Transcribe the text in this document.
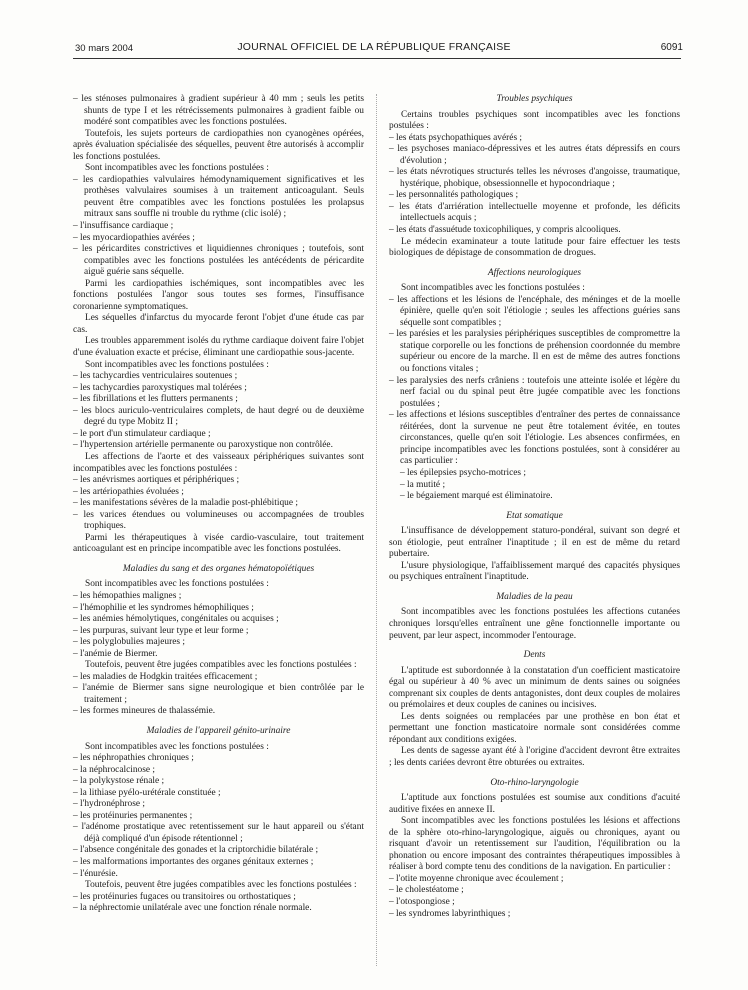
30 mars 2004	JOURNAL OFFICIEL DE LA RÉPUBLIQUE FRANÇAISE	6091
– les sténoses pulmonaires à gradient supérieur à 40 mm ; seuls les petits shunts de type I et les rétrécissements pulmonaires à gradient faible ou modéré sont compatibles avec les fonctions postulées.

Toutefois, les sujets porteurs de cardiopathies non cyanogènes opérées, après évaluation spécialisée des séquelles, peuvent être autorisés à accomplir les fonctions postulées.

Sont incompatibles avec les fonctions postulées :

– les cardiopathies valvulaires hémodynamiquement significatives et les prothèses valvulaires soumises à un traitement anticoagulant. Seuls peuvent être compatibles avec les fonctions postulées les prolapsus mitraux sans souffle ni trouble du rythme (clic isolé) ;
– l'insuffisance cardiaque ;
– les myocardiopathies avérées ;
– les péricardites constrictives et liquidiennes chroniques ; toutefois, sont compatibles avec les fonctions postulées les antécédents de péricardite aiguë guérie sans séquelle.

Parmi les cardiopathies ischémiques, sont incompatibles avec les fonctions postulées l'angor sous toutes ses formes, l'insuffisance coronarienne symptomatiques.

Les séquelles d'infarctus du myocarde feront l'objet d'une étude cas par cas.

Les troubles apparemment isolés du rythme cardiaque doivent faire l'objet d'une évaluation exacte et précise, éliminant une cardiopathie sous-jacente.

Sont incompatibles avec les fonctions postulées :

– les tachycardies ventriculaires soutenues ;
– les tachycardies paroxystiques mal tolérées ;
– les fibrillations et les flutters permanents ;
– les blocs auriculo-ventriculaires complets, de haut degré ou de deuxième degré du type Mobitz II ;
– le port d'un stimulateur cardiaque ;
– l'hypertension artérielle permanente ou paroxystique non contrôlée.

Les affections de l'aorte et des vaisseaux périphériques suivantes sont incompatibles avec les fonctions postulées :

– les anévrismes aortiques et périphériques ;
– les artériopathies évoluées ;
– les manifestations sévères de la maladie post-phlébitique ;
– les varices étendues ou volumineuses ou accompagnées de troubles trophiques.

Parmi les thérapeutiques à visée cardio-vasculaire, tout traitement anticoagulant est en principe incompatible avec les fonctions postulées.

Maladies du sang et des organes hématopoïétiques

Sont incompatibles avec les fonctions postulées :

– les hémopathies malignes ;
– l'hémophilie et les syndromes hémophiliques ;
– les anémies hémolytiques, congénitales ou acquises ;
– les purpuras, suivant leur type et leur forme ;
– les polyglobulies majeures ;
– l'anémie de Biermer.

Toutefois, peuvent être jugées compatibles avec les fonctions postulées :

– les maladies de Hodgkin traitées efficacement ;
– l'anémie de Biermer sans signe neurologique et bien contrôlée par le traitement ;
– les formes mineures de thalassémie.
Maladies de l'appareil génito-urinaire

Sont incompatibles avec les fonctions postulées :

– les néphropathies chroniques ;
– la néphrocalcinose ;
– la polykystose rénale ;
– la lithiase pyélo-urétérale constituée ;
– l'hydronéphrose ;
– les protéinuries permanentes ;
– l'adénome prostatique avec retentissement sur le haut appareil ou s'étant déjà compliqué d'un épisode rétentionnel ;
– l'absence congénitale des gonades et la criptorchidie bilatérale ;
– les malformations importantes des organes génitaux externes ;
– l'énurésie.

Toutefois, peuvent être jugées compatibles avec les fonctions postulées :

– les protéinuries fugaces ou transitoires ou orthostatiques ;
– la néphrectomie unilatérale avec une fonction rénale normale.
Troubles psychiques

Certains troubles psychiques sont incompatibles avec les fonctions postulées :

– les états psychopathiques avérés ;
– les psychoses maniaco-dépressives et les autres états dépressifs en cours d'évolution ;
– les états névrotiques structurés telles les névroses d'angoisse, traumatique, hystérique, phobique, obsessionnelle et hypocondriaque ;
– les personnalités pathologiques ;
– les états d'arriération intellectuelle moyenne et profonde, les déficits intellectuels acquis ;
– les états d'assuétude toxicophiliques, y compris alcooliques.

Le médecin examinateur a toute latitude pour faire effectuer les tests biologiques de dépistage de consommation de drogues.

Affections neurologiques

Sont incompatibles avec les fonctions postulées :

– les affections et les lésions de l'encéphale, des méninges et de la moelle épinière, quelle qu'en soit l'étiologie ; seules les affections guéries sans séquelle sont compatibles ;
– les parésies et les paralysies périphériques susceptibles de compromettre la statique corporelle ou les fonctions de préhension coordonnée du membre supérieur ou encore de la marche. Il en est de même des autres fonctions ou fonctions vitales ;
– les paralysies des nerfs crâniens : toutefois une atteinte isolée et légère du nerf facial ou du spinal peut être jugée compatible avec les fonctions postulées ;
– les affections et lésions susceptibles d'entraîner des pertes de connaissance réitérées, dont la survenue ne peut être totalement évitée, en toutes circonstances, quelle qu'en soit l'étiologie. Les absences confirmées, en principe incompatibles avec les fonctions postulées, sont à considérer au cas particulier :
– les épilepsies psycho-motrices ;
– la mutité ;
– le bégaiement marqué est éliminatoire.
Etat somatique

L'insuffisance de développement staturo-pondéral, suivant son degré et son étiologie, peut entraîner l'inaptitude ; il en est de même du retard pubertaire.

L'usure physiologique, l'affaiblissement marqué des capacités physiques ou psychiques entraînent l'inaptitude.

Maladies de la peau

Sont incompatibles avec les fonctions postulées les affections cutanées chroniques lorsqu'elles entraînent une gêne fonctionnelle importante ou peuvent, par leur aspect, incommoder l'entourage.

Dents

L'aptitude est subordonnée à la constatation d'un coefficient masticatoire égal ou supérieur à 40 % avec un minimum de dents saines ou soignées comprenant six couples de dents antagonistes, dont deux couples de molaires ou prémolaires et deux couples de canines ou incisives.

Les dents soignées ou remplacées par une prothèse en bon état et permettant une fonction masticatoire normale sont considérées comme répondant aux conditions exigées.

Les dents de sagesse ayant été à l'origine d'accident devront être extraites ; les dents cariées devront être obturées ou extraites.

Oto-rhino-laryngologie

L'aptitude aux fonctions postulées est soumise aux conditions d'acuité auditive fixées en annexe II.

Sont incompatibles avec les fonctions postulées les lésions et affections de la sphère oto-rhino-laryngologique, aiguës ou chroniques, ayant ou risquant d'avoir un retentissement sur l'audition, l'équilibration ou la phonation ou encore imposant des contraintes thérapeutiques impossibles à réaliser à bord compte tenu des conditions de la navigation. En particulier :

– l'otite moyenne chronique avec écoulement ;
– le cholestéatome ;
– l'otospongiose ;
– les syndromes labyrinthiques ;
